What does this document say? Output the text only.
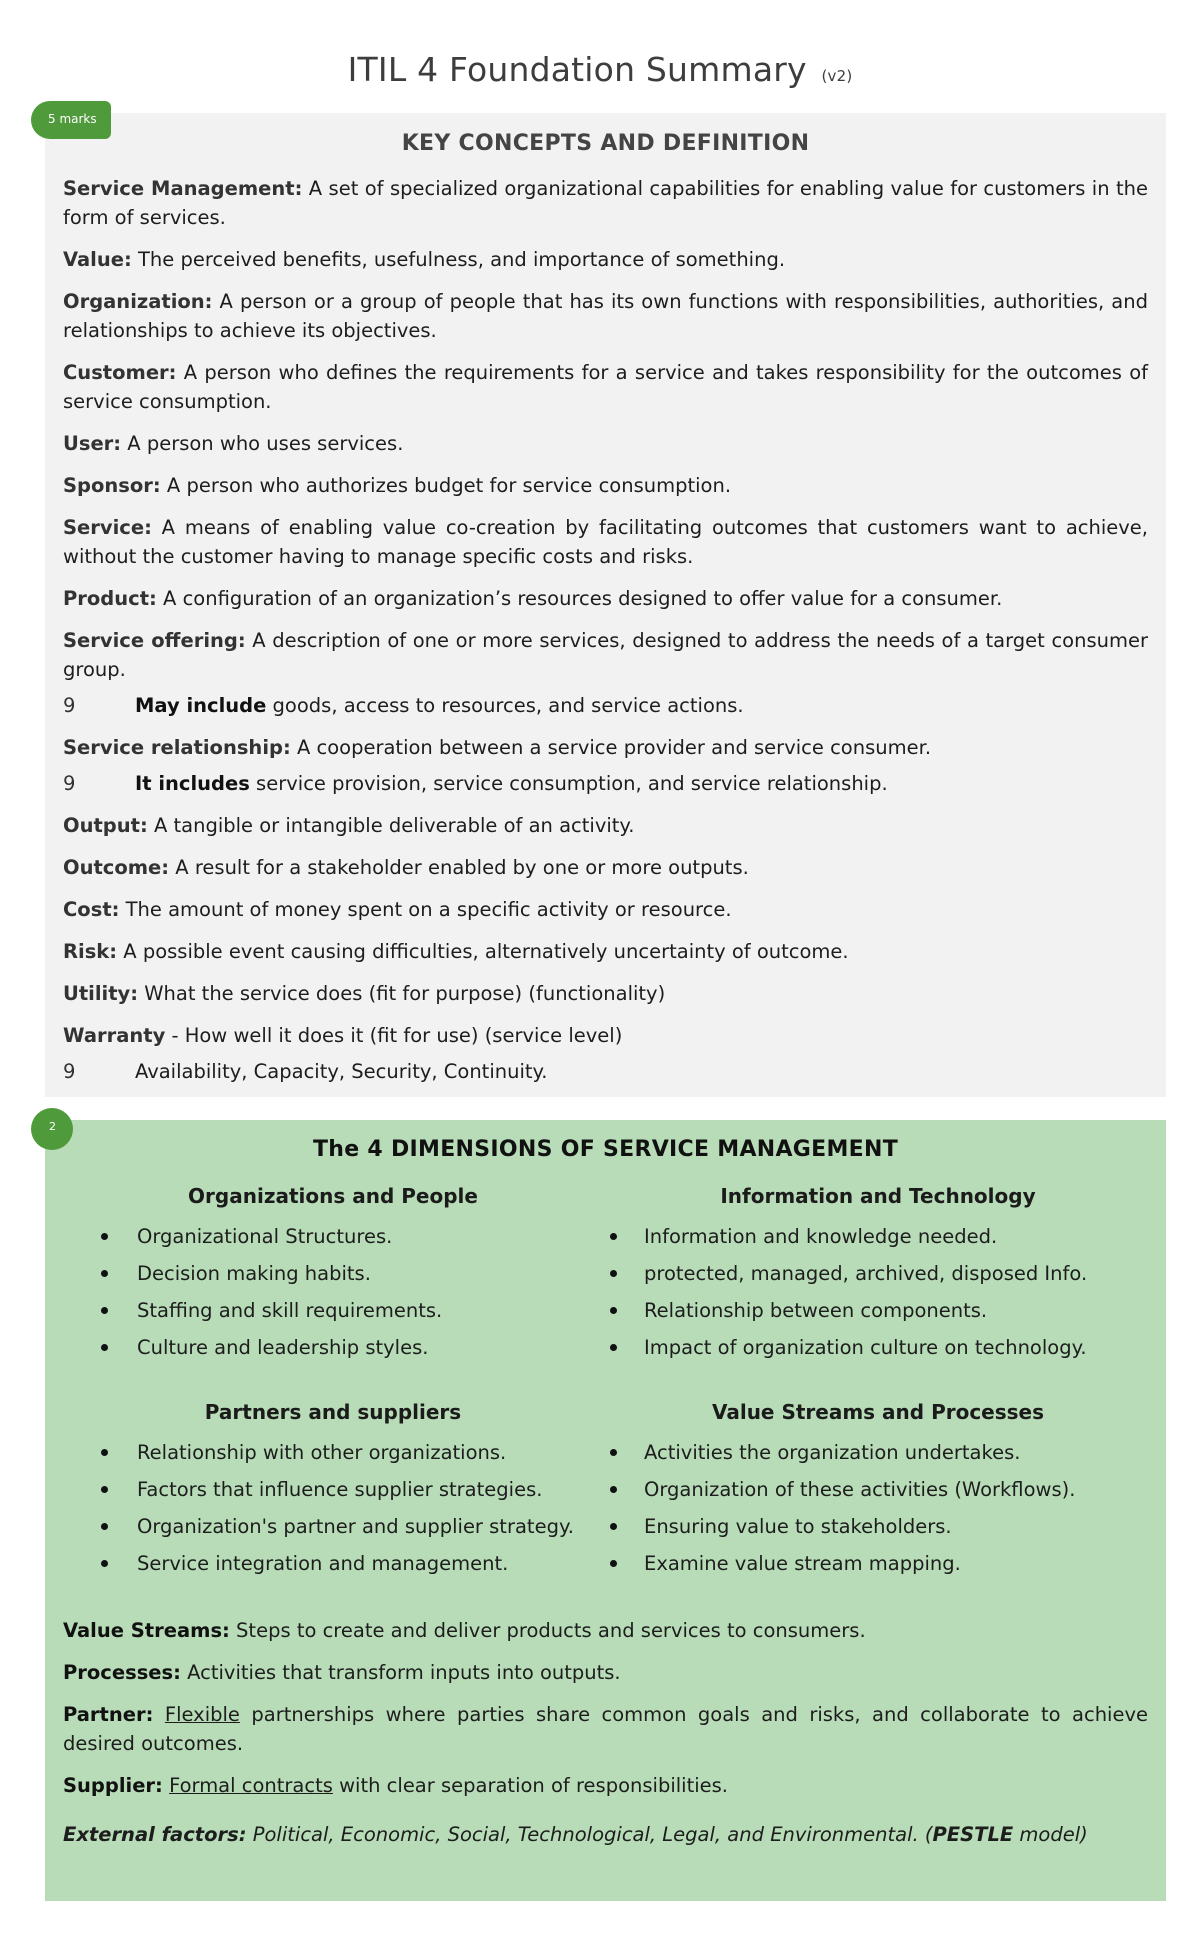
ITIL 4 Foundation Summary (v2)
KEY CONCEPTS AND DEFINITION

Service Management: A set of specialized organizational capabilities for enabling value for customers in the form of services.

Value: The perceived benefits, usefulness, and importance of something.

Organization: A person or a group of people that has its own functions with responsibilities, authorities, and relationships to achieve its objectives.

Customer: A person who defines the requirements for a service and takes responsibility for the outcomes of service consumption.

User: A person who uses services.

Sponsor: A person who authorizes budget for service consumption.

Service: A means of enabling value co-creation by facilitating outcomes that customers want to achieve, without the customer having to manage specific costs and risks.

Product: A configuration of an organization’s resources designed to offer value for a consumer.

Service offering: A description of one or more services, designed to address the needs of a target consumer group.

9	May include goods, access to resources, and service actions.

Service relationship: A cooperation between a service provider and service consumer.

9	It includes service provision, service consumption, and service relationship.

Output: A tangible or intangible deliverable of an activity.

Outcome: A result for a stakeholder enabled by one or more outputs.

Cost: The amount of money spent on a specific activity or resource.

Risk: A possible event causing difficulties, alternatively uncertainty of outcome.

Utility: What the service does (fit for purpose) (functionality)

Warranty - How well it does it (fit for use) (service level)

9	Availability, Capacity, Security, Continuity.
5 marks
The 4 DIMENSIONS OF SERVICE MANAGEMENT
Organizations and People
Organizational Structures.
Decision making habits.
Staffing and skill requirements.
Culture and leadership styles.
Information and Technology
Information and knowledge needed.
protected, managed, archived, disposed Info.
Relationship between components.
Impact of organization culture on technology.
Partners and suppliers
Relationship with other organizations.
Factors that influence supplier strategies.
Organization's partner and supplier strategy.
Service integration and management.
Value Streams and Processes
Activities the organization undertakes.
Organization of these activities (Workflows).
Ensuring value to stakeholders.
Examine value stream mapping.

Value Streams: Steps to create and deliver products and services to consumers.

Processes: Activities that transform inputs into outputs.

Partner: Flexible partnerships where parties share common goals and risks, and collaborate to achieve desired outcomes.

Supplier: Formal contracts with clear separation of responsibilities.

External factors: Political, Economic, Social, Technological, Legal, and Environmental. (PESTLE model)

2
